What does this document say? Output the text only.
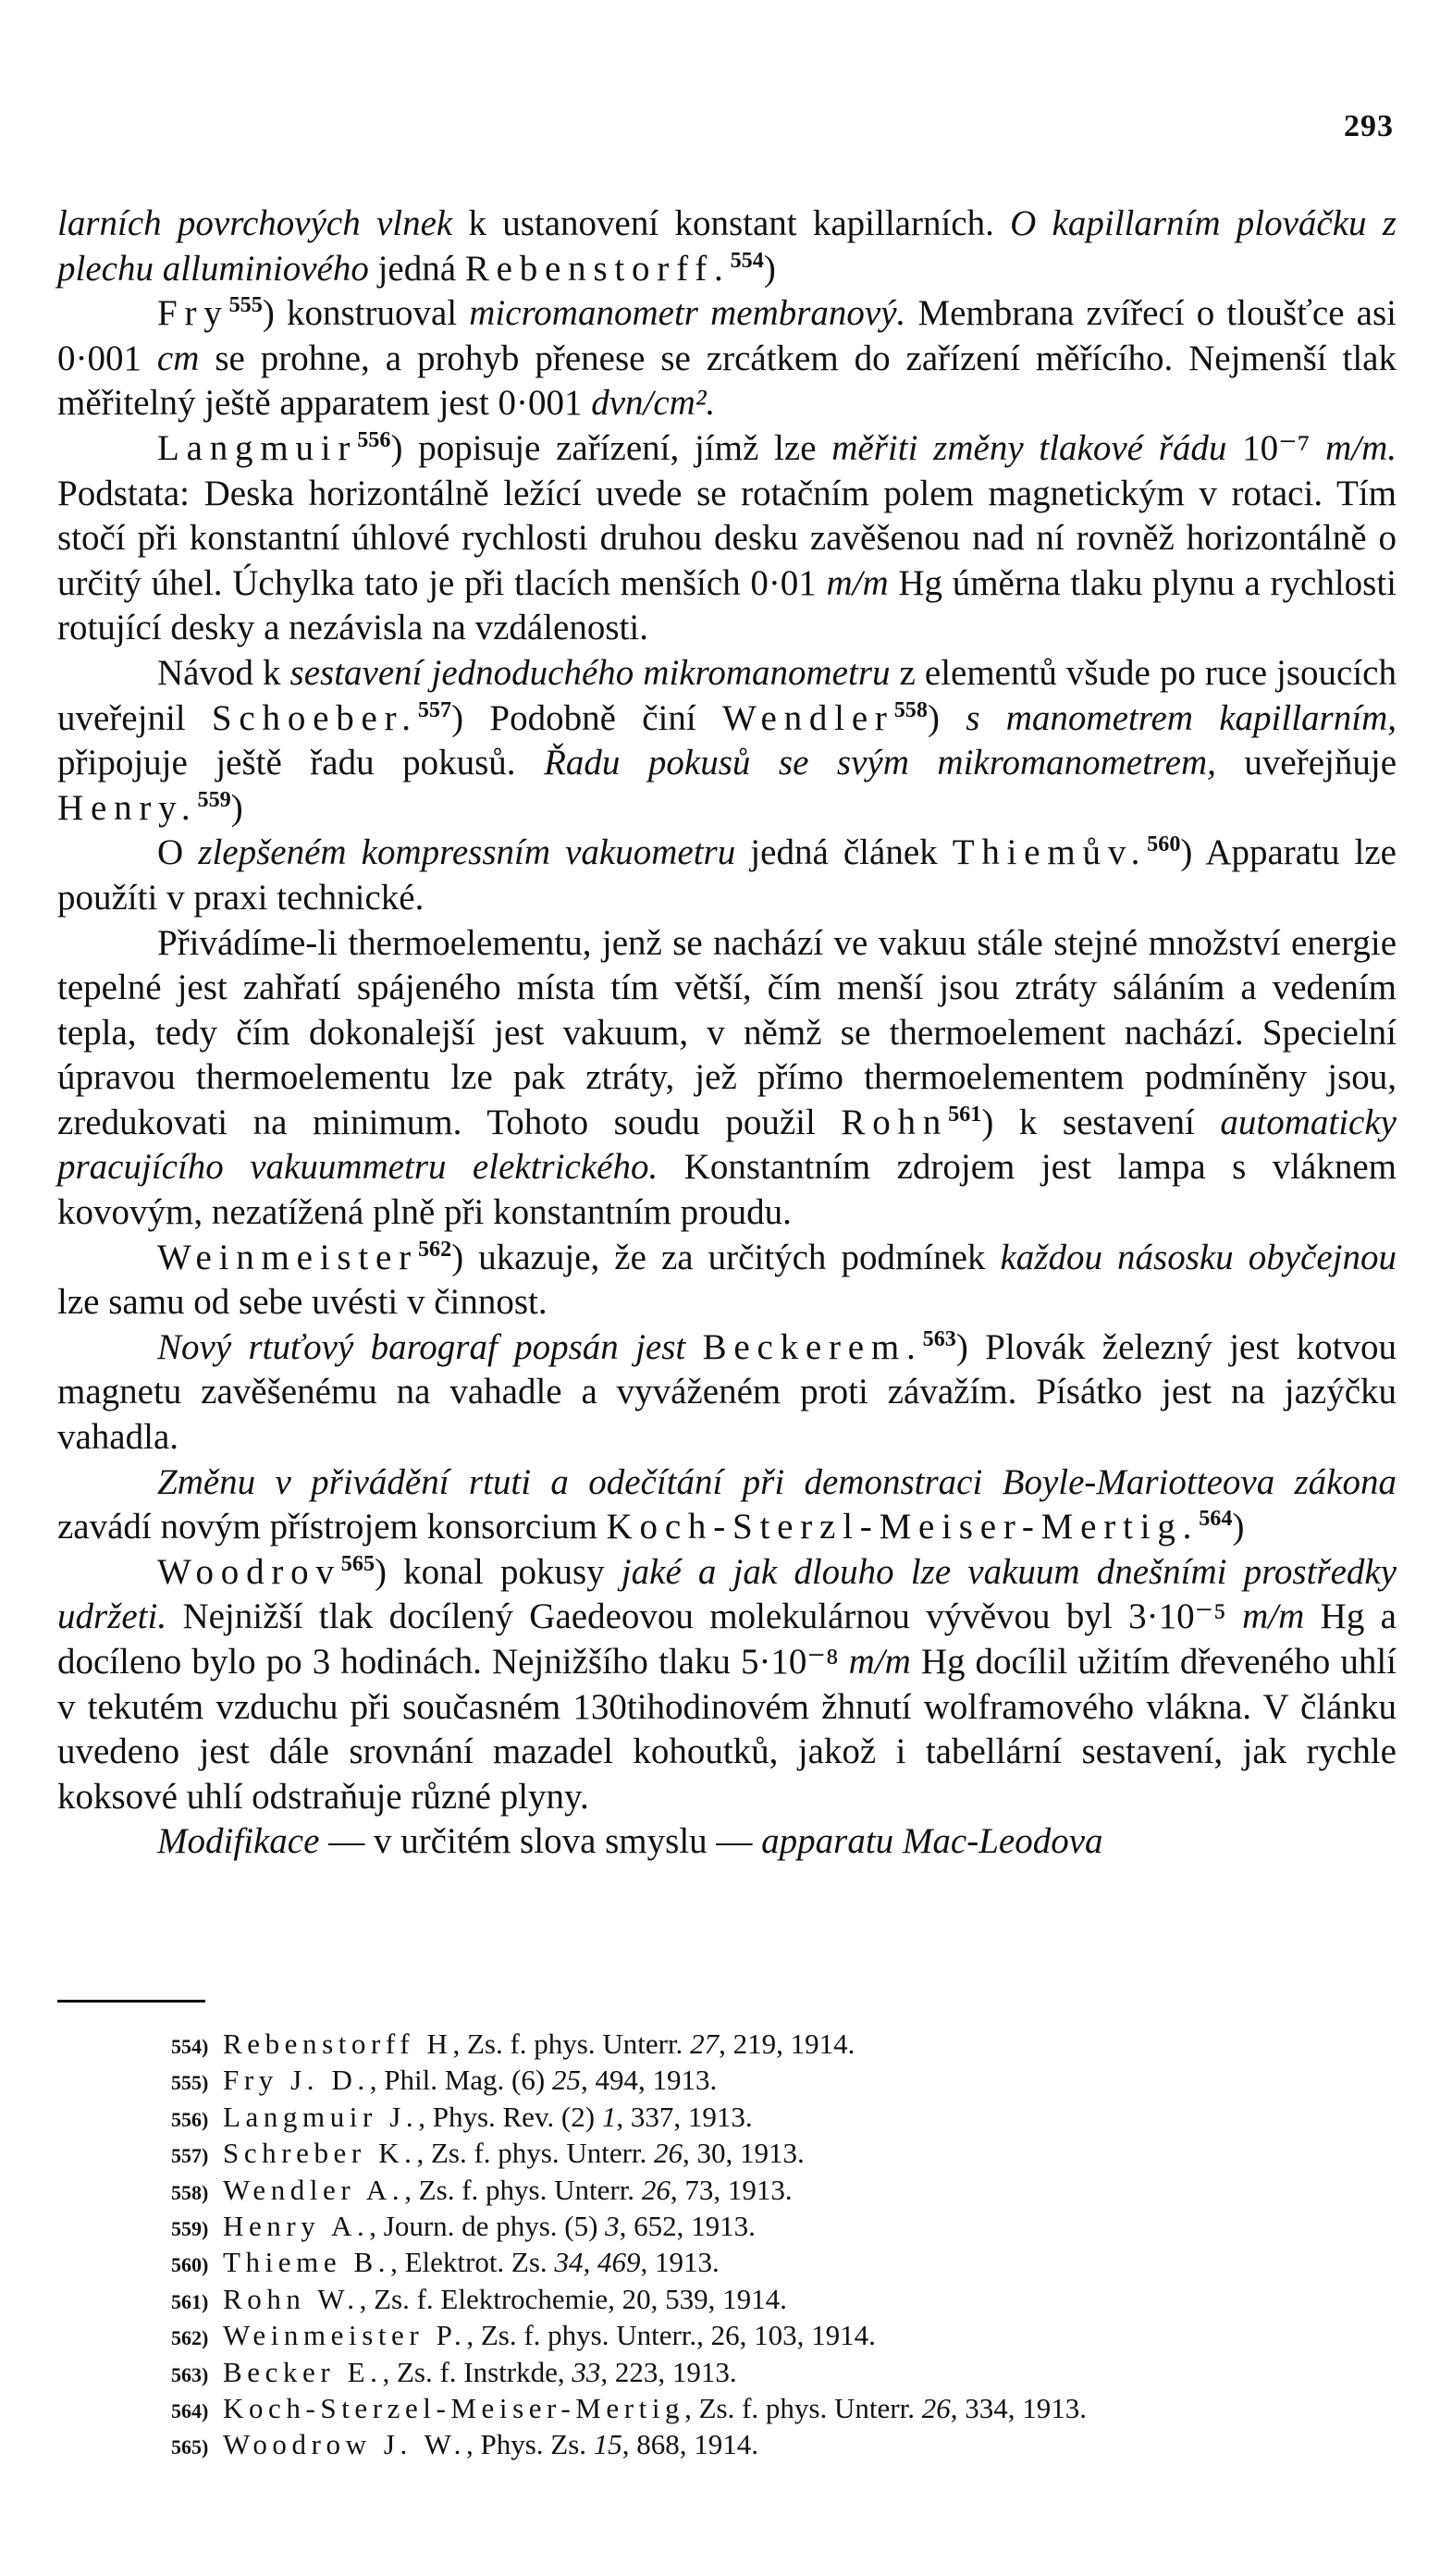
293

larních povrchových vlnek k ustanovení konstant kapillarních. O kapillarním plováčku z plechu alluminiového jedná Rebenstorff.$^{554}$)

Fry$^{555}$) konstruoval micromanometr membranový. Membrana zvířecí o tloušťce asi 0·001 cm se prohne, a prohyb přenese se zrcátkem do zařízení měřícího. Nejmenší tlak měřitelný ještě apparatem jest 0·001 dvn/cm².

Langmuir$^{556}$) popisuje zařízení, jímž lze měřiti změny tlakové řádu 10⁻⁷ m/m. Podstata: Deska horizontálně ležící uvede se rotačním polem magnetickým v rotaci. Tím stočí při konstantní úhlové rychlosti druhou desku zavěšenou nad ní rovněž horizontálně o určitý úhel. Úchylka tato je při tlacích menších 0·01 m/m Hg úměrna tlaku plynu a rychlosti rotující desky a nezávisla na vzdálenosti.

Návod k sestavení jednoduchého mikromanometru z elementů všude po ruce jsoucích uveřejnil Schoeber.$^{557}$) Podobně činí Wendler$^{558}$) s manometrem kapillarním, připojuje ještě řadu pokusů. Řadu pokusů se svým mikromanometrem, uveřejňuje Henry.$^{559}$)

O zlepšeném kompressním vakuometru jedná článek Thiemův.$^{560}$) Apparatu lze použíti v praxi technické.

Přivádíme-li thermoelementu, jenž se nachází ve vakuu stále stejné množství energie tepelné jest zahřatí spájeného místa tím větší, čím menší jsou ztráty sáláním a vedením tepla, tedy čím dokonalejší jest vakuum, v němž se thermoelement nachází. Specielní úpravou thermoelementu lze pak ztráty, jež přímo thermoelementem podmíněny jsou, zredukovati na minimum. Tohoto soudu použil Rohn$^{561}$) k sestavení automaticky pracujícího vakuummetru elektrického. Konstantním zdrojem jest lampa s vláknem kovovým, nezatížená plně při konstantním proudu.

Weinmeister$^{562}$) ukazuje, že za určitých podmínek každou násosku obyčejnou lze samu od sebe uvésti v činnost.

Nový rtuťový barograf popsán jest Beckerem.$^{563}$) Plovák železný jest kotvou magnetu zavěšenému na vahadle a vyváženém proti závažím. Písátko jest na jazýčku vahadla.

Změnu v přivádění rtuti a odečítání při demonstraci Boyle-Mariotteova zákona zavádí novým přístrojem konsorcium Koch-Sterzl-Meiser-Mertig.$^{564}$)

Woodrov$^{565}$) konal pokusy jaké a jak dlouho lze vakuum dnešními prostředky udržeti. Nejnižší tlak docílený Gaedeovou molekulárnou vývěvou byl 3·10⁻⁵ m/m Hg a docíleno bylo po 3 hodinách. Nejnižšího tlaku 5·10⁻⁸ m/m Hg docílil užitím dřeveného uhlí v tekutém vzduchu při současném 130tihodinovém žhnutí wolframového vlákna. V článku uvedeno jest dále srovnání mazadel kohoutků, jakož i tabellární sestavení, jak rychle koksové uhlí odstraňuje různé plyny.

Modifikace — v určitém slova smyslu — apparatu Mac-Leodova

554) Rebenstorff H, Zs. f. phys. Unterr. 27, 219, 1914.
555) Fry J. D., Phil. Mag. (6) 25, 494, 1913.
556) Langmuir J., Phys. Rev. (2) 1, 337, 1913.
557) Schreber K., Zs. f. phys. Unterr. 26, 30, 1913.
558) Wendler A., Zs. f. phys. Unterr. 26, 73, 1913.
559) Henry A., Journ. de phys. (5) 3, 652, 1913.
560) Thieme B., Elektrot. Zs. 34, 469, 1913.
561) Rohn W., Zs. f. Elektrochemie, 20, 539, 1914.
562) Weinmeister P., Zs. f. phys. Unterr., 26, 103, 1914.
563) Becker E., Zs. f. Instrkde, 33, 223, 1913.
564) Koch-Sterzel-Meiser-Mertig, Zs. f. phys. Unterr. 26, 334, 1913.
565) Woodrow J. W., Phys. Zs. 15, 868, 1914.
